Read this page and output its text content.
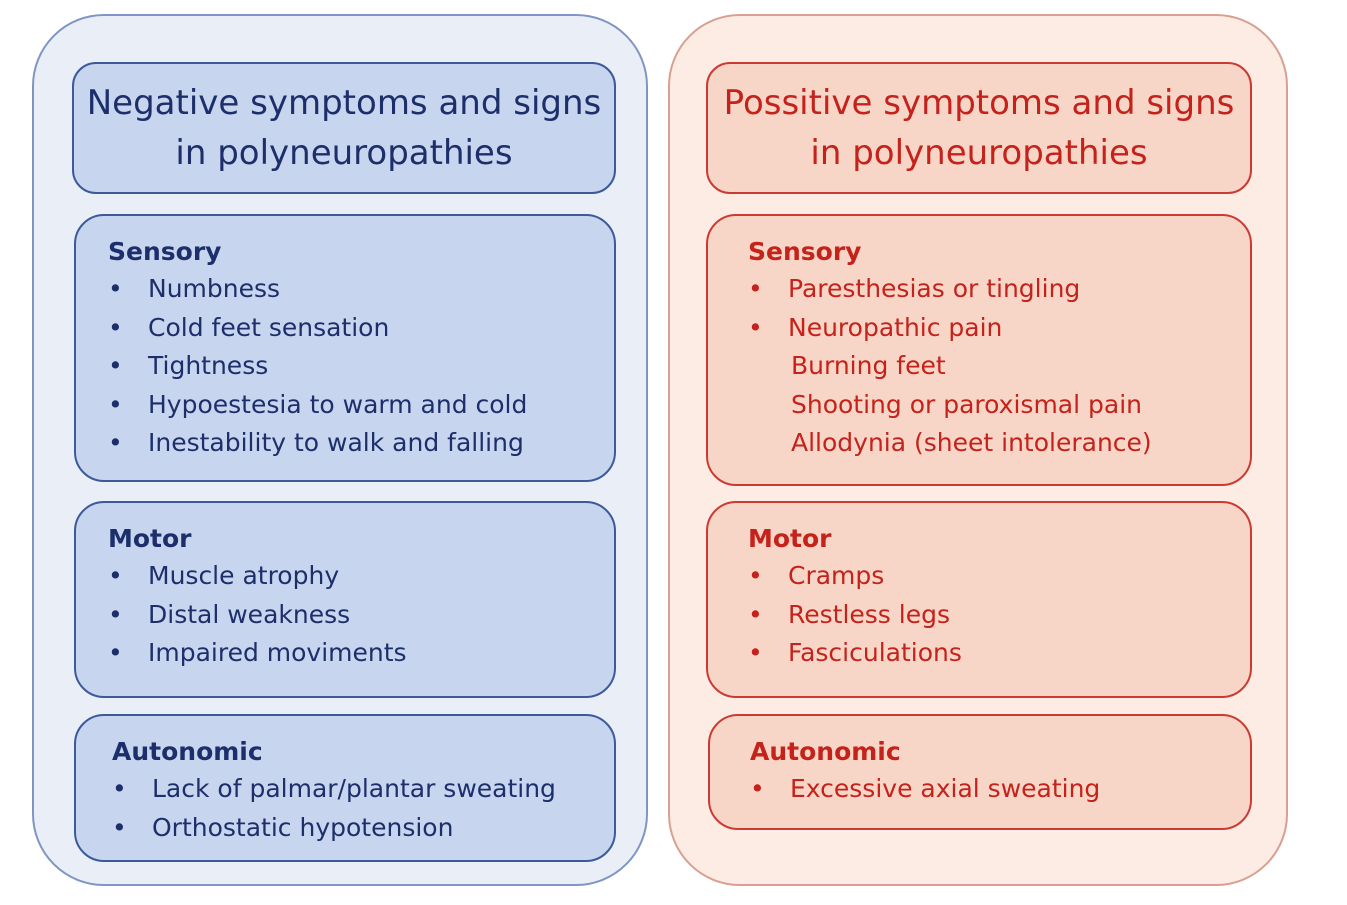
Negative symptoms and signs
in polyneuropathies

Sensory

• Numbness
• Cold feet sensation
• Tightness
• Hypoestesia to warm and cold
• Inestability to walk and falling

Motor

• Muscle atrophy
• Distal weakness
• Impaired moviments

Autonomic

• Lack of palmar/plantar sweating
• Orthostatic hypotension
Possitive symptoms and signs
in polyneuropathies

Sensory

• Paresthesias or tingling
• Neuropathic pain
Burning feet
Shooting or paroxismal pain
Allodynia (sheet intolerance)

Motor

• Cramps
• Restless legs
• Fasciculations

Autonomic

• Excessive axial sweating
